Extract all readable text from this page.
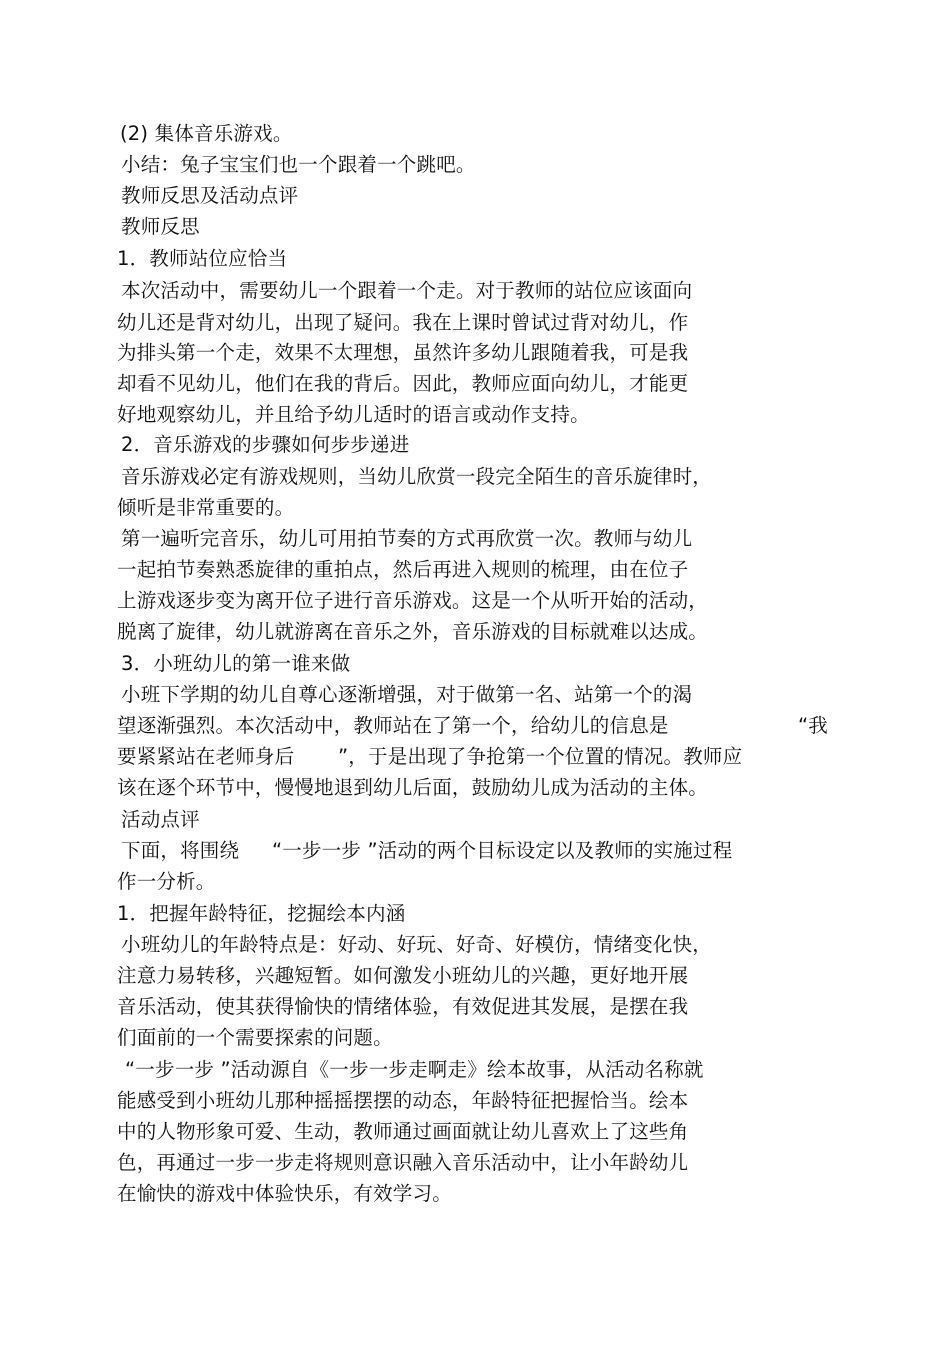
(2) 集体音乐游戏。
小结：兔子宝宝们也一个跟着一个跳吧。
教师反思及活动点评
教师反思
1．教师站位应恰当
本次活动中，需要幼儿一个跟着一个走。对于教师的站位应该面向
幼儿还是背对幼儿，出现了疑问。我在上课时曾试过背对幼儿，作
为排头第一个走，效果不太理想，虽然许多幼儿跟随着我，可是我
却看不见幼儿，他们在我的背后。因此，教师应面向幼儿，才能更
好地观察幼儿，并且给予幼儿适时的语言或动作支持。
2．音乐游戏的步骤如何步步递进
音乐游戏必定有游戏规则，当幼儿欣赏一段完全陌生的音乐旋律时，
倾听是非常重要的。
第一遍听完音乐，幼儿可用拍节奏的方式再欣赏一次。教师与幼儿
一起拍节奏熟悉旋律的重拍点，然后再进入规则的梳理，由在位子
上游戏逐步变为离开位子进行音乐游戏。这是一个从听开始的活动，
脱离了旋律，幼儿就游离在音乐之外，音乐游戏的目标就难以达成。
3．小班幼儿的第一谁来做
小班下学期的幼儿自尊心逐渐增强，对于做第一名、站第一个的渴
望逐渐强烈。本次活动中，教师站在了第一个，给幼儿的信息是	“我
要紧紧站在老师身后 ”，于是出现了争抢第一个位置的情况。教师应
该在逐个环节中，慢慢地退到幼儿后面，鼓励幼儿成为活动的主体。
活动点评
下面，将围绕 “一步一步 ”活动的两个目标设定以及教师的实施过程
作一分析。
1．把握年龄特征，挖掘绘本内涵
小班幼儿的年龄特点是：好动、好玩、好奇、好模仿，情绪变化快，
注意力易转移，兴趣短暂。如何激发小班幼儿的兴趣，更好地开展
音乐活动，使其获得愉快的情绪体验，有效促进其发展，是摆在我
们面前的一个需要探索的问题。
“一步一步 ”活动源自《一步一步走啊走》绘本故事，从活动名称就
能感受到小班幼儿那种摇摇摆摆的动态，年龄特征把握恰当。绘本
中的人物形象可爱、生动，教师通过画面就让幼儿喜欢上了这些角
色，再通过一步一步走将规则意识融入音乐活动中，让小年龄幼儿
在愉快的游戏中体验快乐，有效学习。
